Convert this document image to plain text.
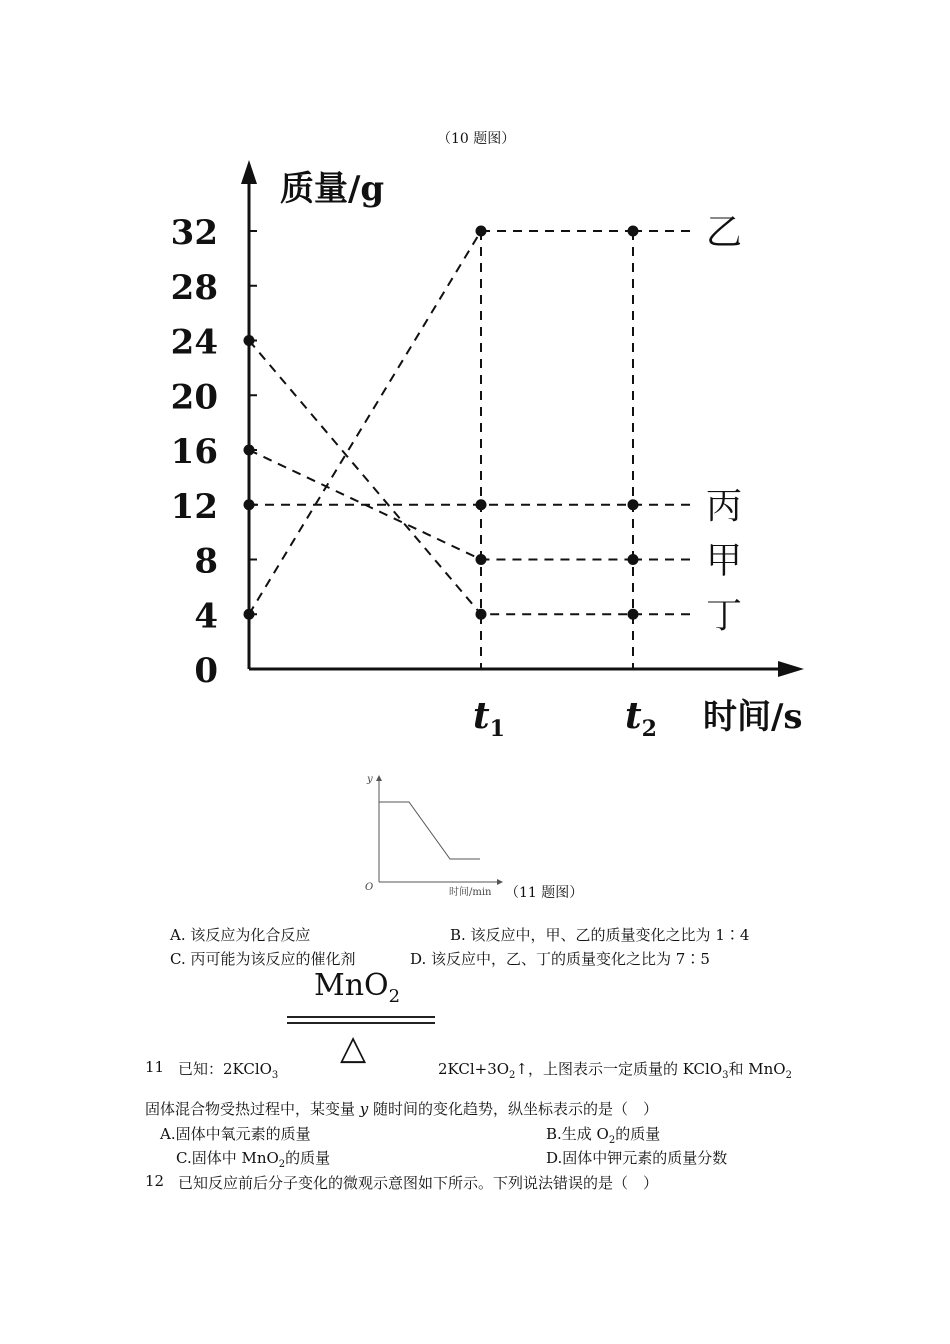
（10 题图）
质量/g
时间/s
32
28
24
20
16
12
8
4
0
$t_1$	$t_2$
乙
丙
甲
丁
y
O	时间/min （11 题图）
A. 该反应为化合反应	B. 该反应中，甲、乙的质量变化之比为 1∶4
C. 丙可能为该反应的催化剂	D. 该反应中，乙、丁的质量变化之比为 7∶5
MnO$_2$
△
11 已知：2KClO$_3$	$2KCl+3O_2↑$，上图表示一定质量的 KClO$_3$和 MnO$_2$
固体混合物受热过程中，某变量 y 随时间的变化趋势，纵坐标表示的是（　）
A.固体中氧元素的质量	B.生成 $O_2$的质量
C.固体中 MnO$_2$的质量	D.固体中钾元素的质量分数
12 已知反应前后分子变化的微观示意图如下所示。下列说法错误的是（　）
